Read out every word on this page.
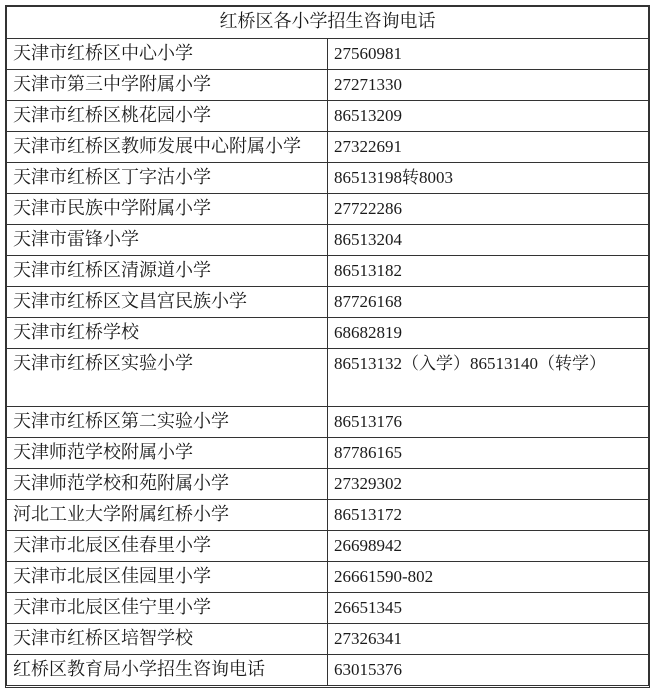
红桥区各小学招生咨询电话	
天津市红桥区中心小学	27560981
天津市第三中学附属小学	27271330
天津市红桥区桃花园小学	86513209
天津市红桥区教师发展中心附属小学	27322691
天津市红桥区丁字沽小学	86513198转8003
天津市民族中学附属小学	27722286
天津市雷锋小学	86513204
天津市红桥区清源道小学	86513182
天津市红桥区文昌宫民族小学	87726168
天津市红桥学校	68682819
天津市红桥区实验小学	86513132（入学）86513140（转学）
天津市红桥区第二实验小学	86513176
天津师范学校附属小学	87786165
天津师范学校和苑附属小学	27329302
河北工业大学附属红桥小学	86513172
天津市北辰区佳春里小学	26698942
天津市北辰区佳园里小学	26661590-802
天津市北辰区佳宁里小学	26651345
天津市红桥区培智学校	27326341
红桥区教育局小学招生咨询电话	63015376
